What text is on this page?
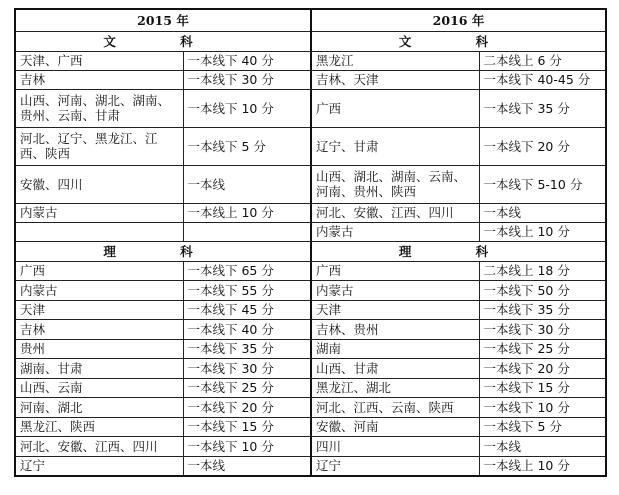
2015 年		2016 年	
文 科		文 科	
天津、广西	一本线下 40 分	黑龙江	二本线上 6 分
吉林	一本线下 30 分	吉林、天津	一本线下 40-45 分
山西、河南、湖北、湖南、贵州、云南、甘肃	一本线下 10 分	广西	一本线下 35 分
河北、辽宁、黑龙江、江西、陕西	一本线下 5 分	辽宁、甘肃	一本线下 20 分
安徽、四川	一本线	山西、湖北、湖南、云南、河南、贵州、陕西	一本线下 5-10 分
内蒙古	一本线上 10 分	河北、安徽、江西、四川	一本线
		内蒙古	一本线上 10 分
理 科		理 科	
广西	一本线下 65 分	广西	二本线上 18 分
内蒙古	一本线下 55 分	内蒙古	一本线下 50 分
天津	一本线下 45 分	天津	一本线下 35 分
吉林	一本线下 40 分	吉林、贵州	一本线下 30 分
贵州	一本线下 35 分	湖南	一本线下 25 分
湖南、甘肃	一本线下 30 分	山西、甘肃	一本线下 20 分
山西、云南	一本线下 25 分	黑龙江、湖北	一本线下 15 分
河南、湖北	一本线下 20 分	河北、江西、云南、陕西	一本线下 10 分
黑龙江、陕西	一本线下 15 分	安徽、河南	一本线下 5 分
河北、安徽、江西、四川	一本线下 10 分	四川	一本线
辽宁	一本线	辽宁	一本线上 10 分
